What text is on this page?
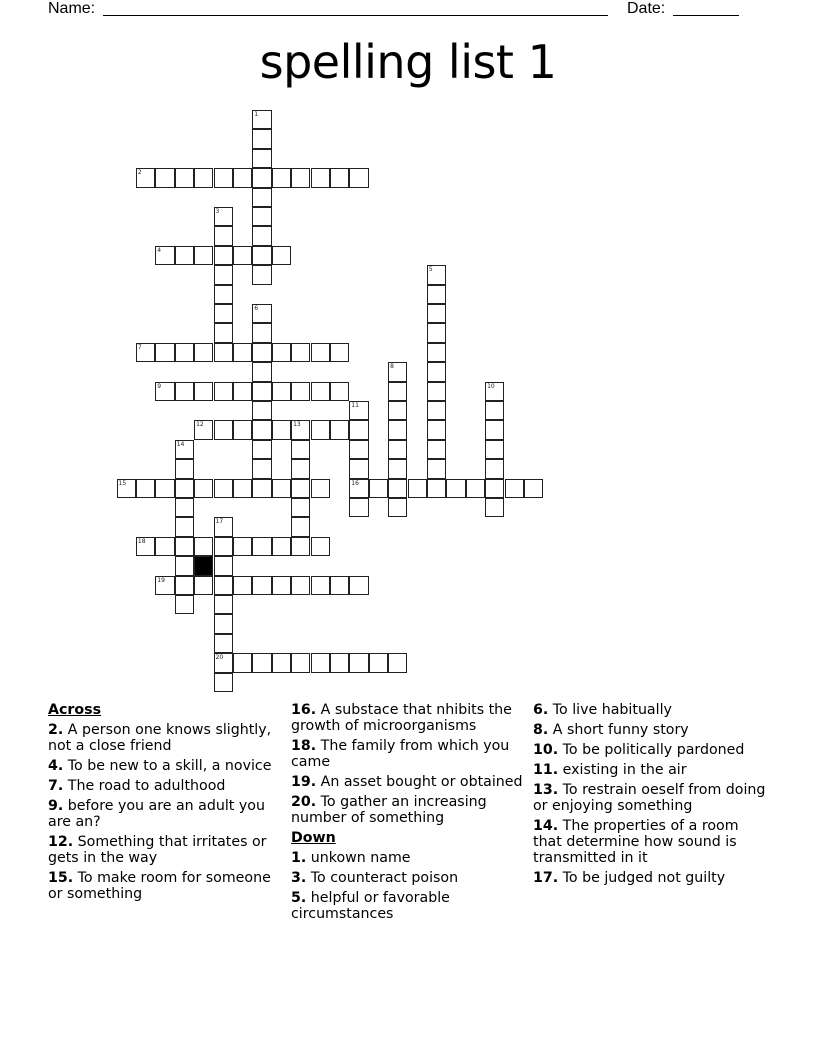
Name:	Date:
spelling list 1
1
2
3
4
5
6
7
8
9	10
11
16
12	13
14
15
17
20
18
19
Across
2. A person one knows slightly, not a close friend
4. To be new to a skill, a novice
7. The road to adulthood
9. before you are an adult you are an?
12. Something that irritates or gets in the way
15. To make room for someone or something
16. A substace that nhibits the growth of microorganisms
18. The family from which you came
19. An asset bought or obtained
20. To gather an increasing number of something
Down
1. unkown name
3. To counteract poison
5. helpful or favorable circumstances
6. To live habitually
8. A short funny story
10. To be politically pardoned
11. existing in the air
13. To restrain oeself from doing or enjoying something
14. The properties of a room that determine how sound is transmitted in it
17. To be judged not guilty
